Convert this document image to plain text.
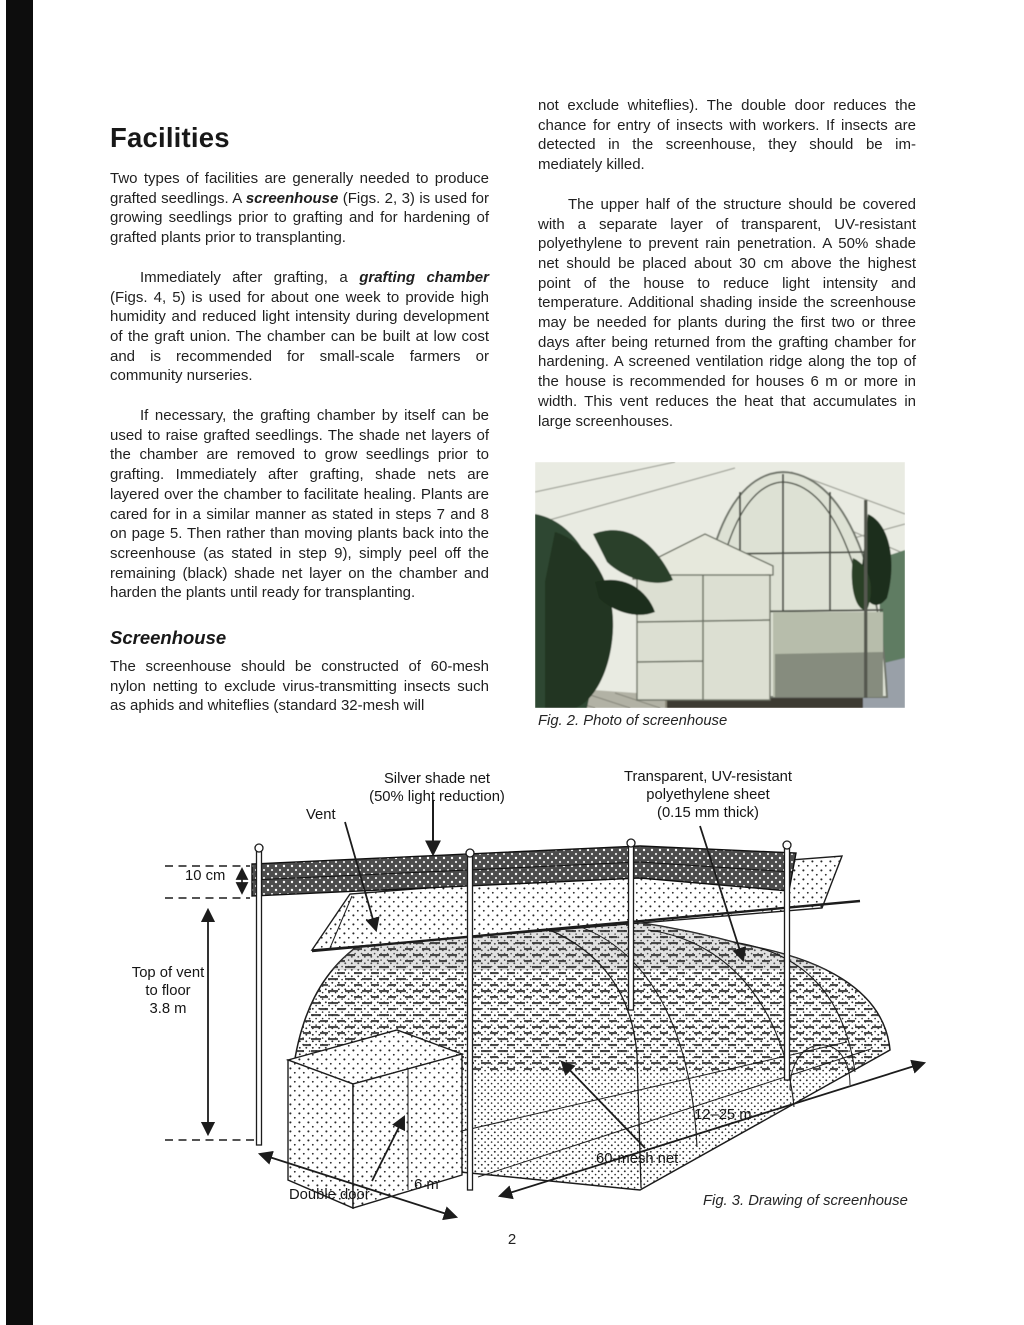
Facilities

Two types of facilities are generally needed to produce grafted seedlings. A screenhouse (Figs. 2, 3) is used for growing seedlings prior to grafting and for hardening of grafted plants prior to transplanting.

Immediately after grafting, a grafting chamber (Figs. 4, 5) is used for about one week to provide high humidity and reduced light intensity during development of the graft union. The chamber can be built at low cost and is recommended for small-scale farmers or community nurseries.

If necessary, the grafting chamber by itself can be used to raise grafted seedlings. The shade net layers of the chamber are removed to grow seedlings prior to grafting. Immediately after grafting, shade nets are layered over the chamber to facilitate healing. Plants are cared for in a similar manner as stated in steps 7 and 8 on page 5. Then rather than moving plants back into the screenhouse (as stated in step 9), simply peel off the remaining (black) shade net layer on the chamber and harden the plants until ready for transplanting.

Screenhouse

The screenhouse should be constructed of 60-mesh nylon netting to exclude virus-transmitting insects such as aphids and whiteflies (standard 32-mesh will

not exclude whiteflies). The double door reduces the chance for entry of insects with workers. If insects are detected in the screenhouse, they should be immediately killed.

The upper half of the structure should be covered with a separate layer of transparent, UV-resistant polyethylene to prevent rain penetration. A 50% shade net should be placed about 30 cm above the highest point of the house to reduce light intensity and temperature. Additional shading inside the screenhouse may be needed for plants during the first two or three days after being returned from the grafting chamber for hardening. A screened ventilation ridge along the top of the house is recommended for houses 6 m or more in width. This vent reduces the heat that accumulates in large screenhouses.

Fig. 2. Photo of screenhouse
Vent
Silver shade net
(50% light reduction)
Transparent, UV-resistant
polyethylene sheet
(0.15 mm thick)
10 cm
Top of vent
to floor
3.8 m
12–25 m
60-mesh net
6 m
Double door	Fig. 3. Drawing of screenhouse
2
